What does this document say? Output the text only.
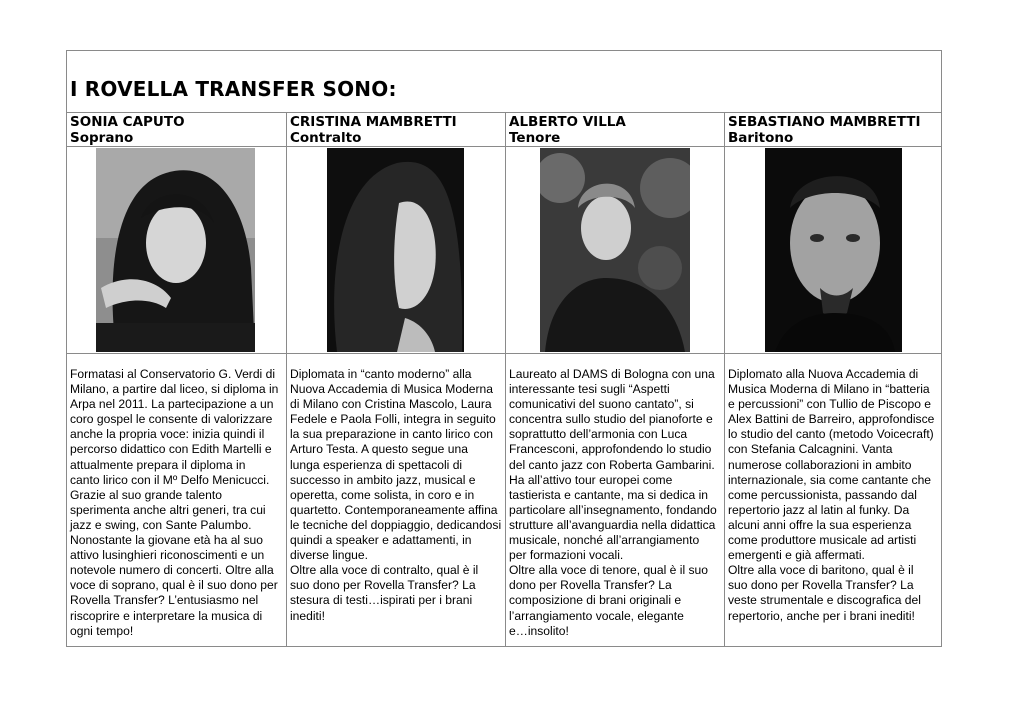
I ROVELLA TRANSFER SONO:
SONIA CAPUTO
Soprano
Formatasi al Conservatorio G. Verdi di
Milano, a partire dal liceo, si diploma in
Arpa nel 2011. La partecipazione a un
coro gospel le consente di valorizzare
anche la propria voce: inizia quindi il
percorso didattico con Edith Martelli e
attualmente prepara il diploma in
canto lirico con il Mº Delfo Menicucci.
Grazie al suo grande talento
sperimenta anche altri generi, tra cui
jazz e swing, con Sante Palumbo.
Nonostante la giovane età ha al suo
attivo lusinghieri riconoscimenti e un
notevole numero di concerti. Oltre alla
voce di soprano, qual è il suo dono per
Rovella Transfer? L’entusiasmo nel
riscoprire e interpretare la musica di
ogni tempo!
CRISTINA MAMBRETTI
Contralto
Diplomata in “canto moderno” alla
Nuova Accademia di Musica Moderna
di Milano con Cristina Mascolo, Laura
Fedele e Paola Folli, integra in seguito
la sua preparazione in canto lirico con
Arturo Testa. A questo segue una
lunga esperienza di spettacoli di
successo in ambito jazz, musical e
operetta, come solista, in coro e in
quartetto. Contemporaneamente affina
le tecniche del doppiaggio, dedicandosi
quindi a speaker e adattamenti, in
diverse lingue.
Oltre alla voce di contralto, qual è il
suo dono per Rovella Transfer? La
stesura di testi…ispirati per i brani
inediti!
ALBERTO VILLA
Tenore
Laureato al DAMS di Bologna con una
interessante tesi sugli “Aspetti
comunicativi del suono cantato”, si
concentra sullo studio del pianoforte e
soprattutto dell’armonia con Luca
Francesconi, approfondendo lo studio
del canto jazz con Roberta Gambarini.
Ha all’attivo tour europei come
tastierista e cantante, ma si dedica in
particolare all’insegnamento, fondando
strutture all’avanguardia nella didattica
musicale, nonché all’arrangiamento
per formazioni vocali.
Oltre alla voce di tenore, qual è il suo
dono per Rovella Transfer? La
composizione di brani originali e
l’arrangiamento vocale, elegante
e…insolito!
SEBASTIANO MAMBRETTI
Baritono
Diplomato alla Nuova Accademia di
Musica Moderna di Milano in “batteria
e percussioni” con Tullio de Piscopo e
Alex Battini de Barreiro, approfondisce
lo studio del canto (metodo Voicecraft)
con Stefania Calcagnini. Vanta
numerose collaborazioni in ambito
internazionale, sia come cantante che
come percussionista, passando dal
repertorio jazz al latin al funky. Da
alcuni anni offre la sua esperienza
come produttore musicale ad artisti
emergenti e già affermati.
Oltre alla voce di baritono, qual è il
suo dono per Rovella Transfer? La
veste strumentale e discografica del
repertorio, anche per i brani inediti!
